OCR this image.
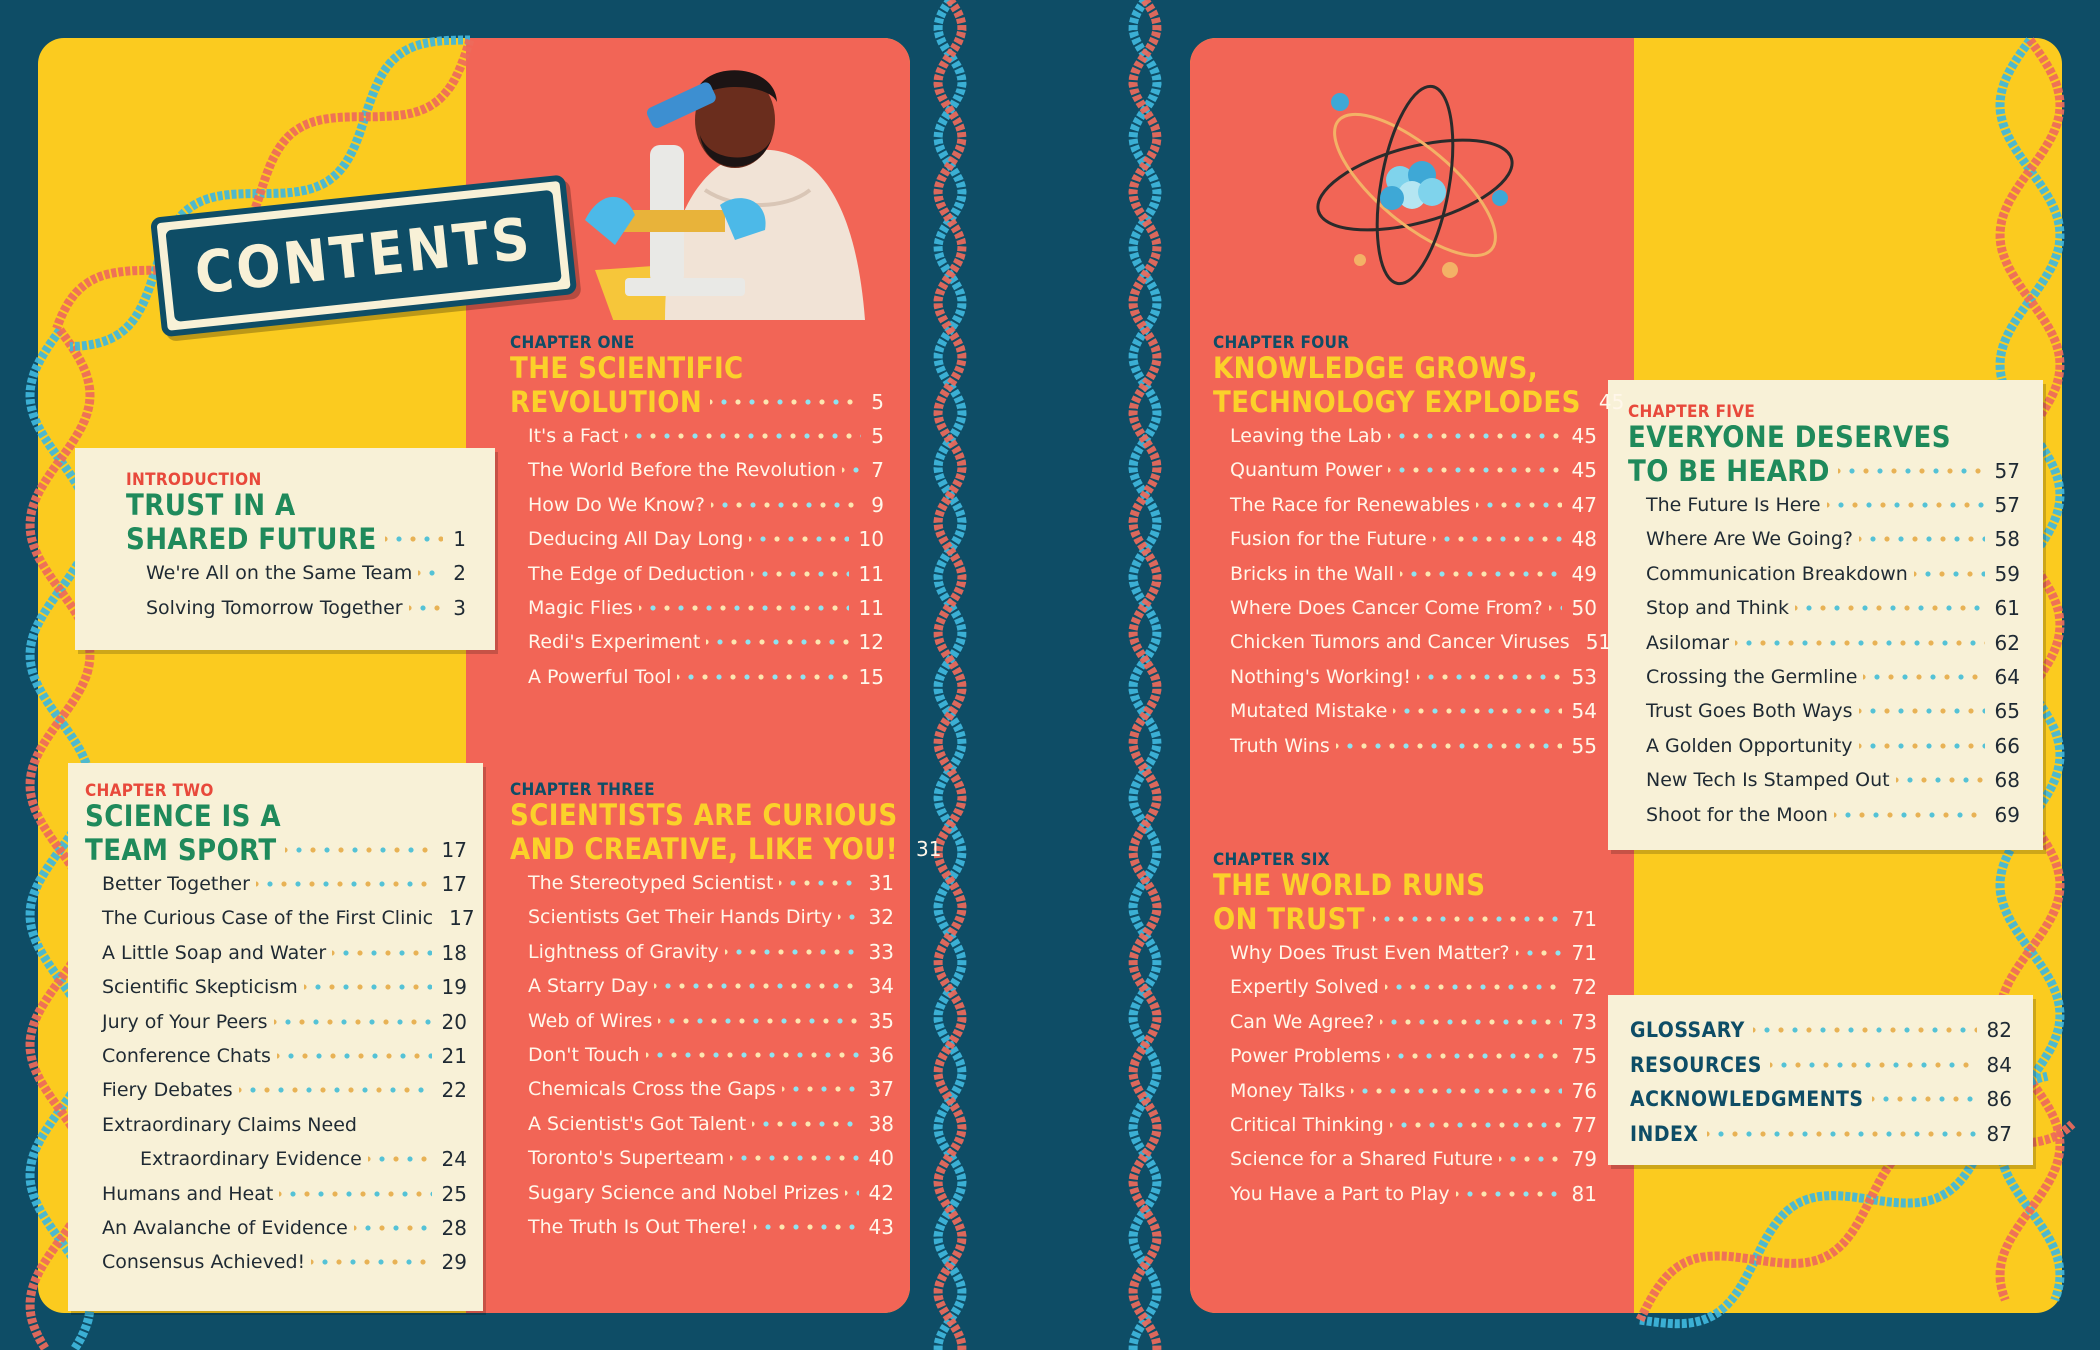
CONTENTS
INTRODUCTION
TRUST IN A
SHARED FUTURE	1
We're All on the Same Team 2
Solving Tomorrow Together	3
CHAPTER ONE
THE SCIENTIFIC
REVOLUTION	5
It's a Fact	5
The World Before the Revolution 7
How Do We Know?	9
Deducing All Day Long	10
The Edge of Deduction	11
Magic Flies	11
Redi's Experiment	12
A Powerful Tool	15
CHAPTER TWO
SCIENCE IS A
TEAM SPORT	17
Better Together	17
The Curious Case of the First Clinic 17
A Little Soap and Water	18
Scientific Skepticism	19
Jury of Your Peers	20
Conference Chats	21
Fiery Debates	22
Extraordinary Claims Need
Extraordinary Evidence	24
Humans and Heat	25
An Avalanche of Evidence	28
Consensus Achieved!	29
CHAPTER THREE
SCIENTISTS ARE CURIOUS
AND CREATIVE, LIKE YOU! 31
The Stereotyped Scientist	31
Scientists Get Their Hands Dirty 32
Lightness of Gravity	33
A Starry Day	34
Web of Wires	35
Don't Touch	36
Chemicals Cross the Gaps	37
A Scientist's Got Talent	38
Toronto's Superteam	40
Sugary Science and Nobel Prizes 42
The Truth Is Out There!	43
CHAPTER FOUR
KNOWLEDGE GROWS,
TECHNOLOGY EXPLODES 45
Leaving the Lab	45
Quantum Power	45
The Race for Renewables	47
Fusion for the Future	48
Bricks in the Wall	49
Where Does Cancer Come From? 50
Chicken Tumors and Cancer Viruses 51
Nothing's Working!	53
Mutated Mistake	54
Truth Wins	55
CHAPTER FIVE
EVERYONE DESERVES
TO BE HEARD	57
The Future Is Here	57
Where Are We Going?	58
Communication Breakdown	59
Stop and Think	61
Asilomar	62
Crossing the Germline	64
Trust Goes Both Ways	65
A Golden Opportunity	66
New Tech Is Stamped Out	68
Shoot for the Moon	69
CHAPTER SIX
THE WORLD RUNS
ON TRUST	71
Why Does Trust Even Matter?	71
Expertly Solved	72
Can We Agree?	73
Power Problems	75
Money Talks	76
Critical Thinking	77
Science for a Shared Future	79
You Have a Part to Play	81
GLOSSARY	82
RESOURCES	84
ACKNOWLEDGMENTS	86
INDEX	87
